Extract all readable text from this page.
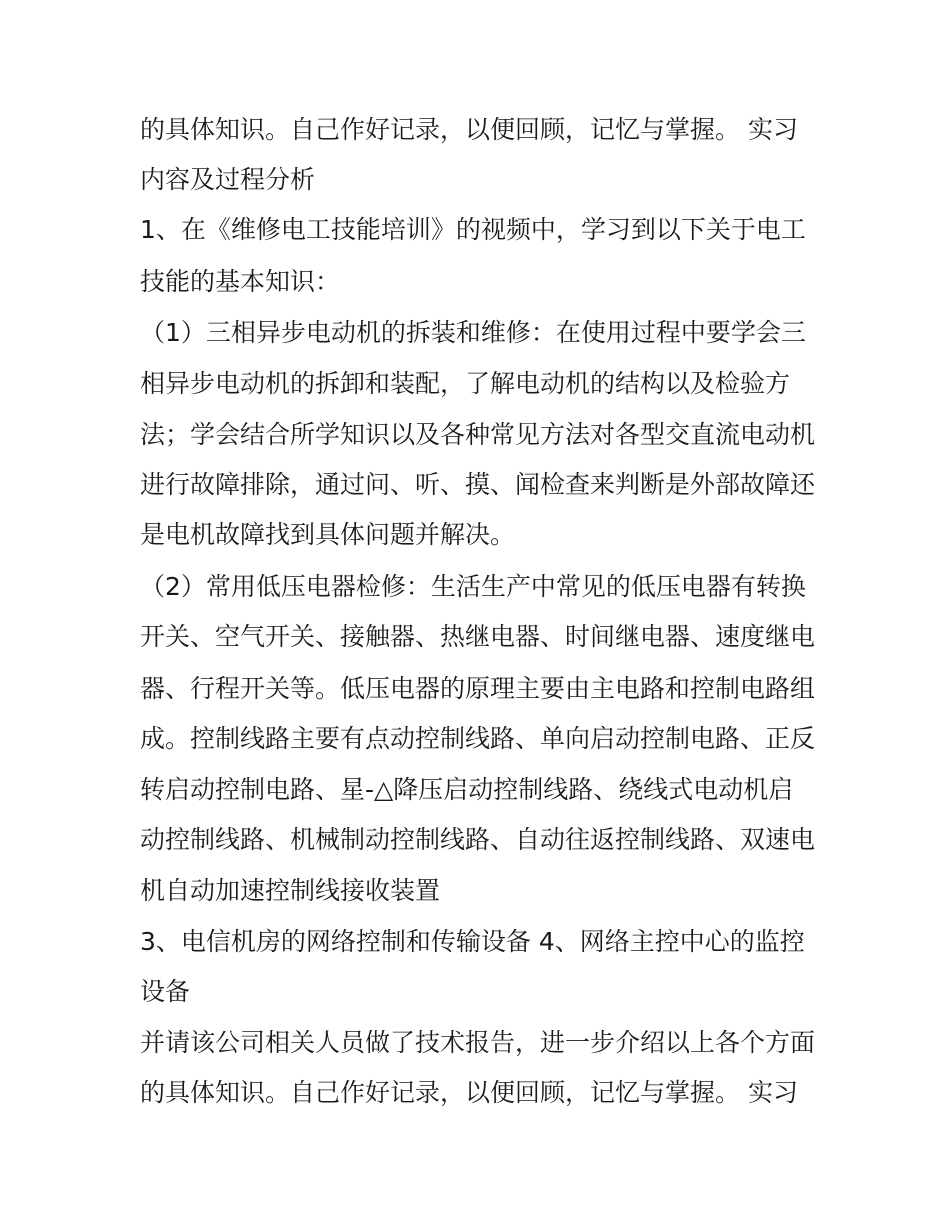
的具体知识。自己作好记录，以便回顾，记忆与掌握。 实习

内容及过程分析

1、在《维修电工技能培训》的视频中，学习到以下关于电工

技能的基本知识：

（1）三相异步电动机的拆装和维修：在使用过程中要学会三

相异步电动机的拆卸和装配，了解电动机的结构以及检验方

法；学会结合所学知识以及各种常见方法对各型交直流电动机

进行故障排除，通过问、听、摸、闻检查来判断是外部故障还

是电机故障找到具体问题并解决。

（2）常用低压电器检修：生活生产中常见的低压电器有转换

开关、空气开关、接触器、热继电器、时间继电器、速度继电

器、行程开关等。低压电器的原理主要由主电路和控制电路组

成。控制线路主要有点动控制线路、单向启动控制电路、正反

转启动控制电路、星-△降压启动控制线路、绕线式电动机启

动控制线路、机械制动控制线路、自动往返控制线路、双速电

机自动加速控制线接收装置

3、电信机房的网络控制和传输设备 4、网络主控中心的监控

设备

并请该公司相关人员做了技术报告，进一步介绍以上各个方面

的具体知识。自己作好记录，以便回顾，记忆与掌握。 实习
